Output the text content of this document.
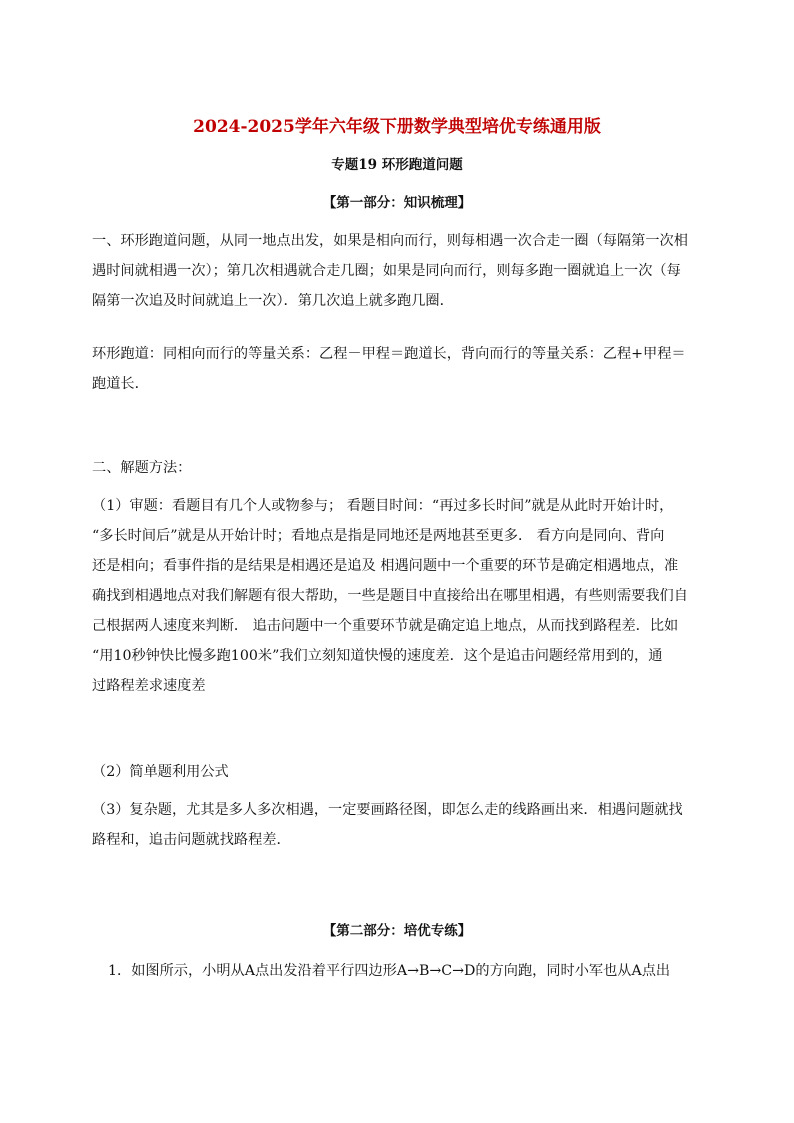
2024-2025学年六年级下册数学典型培优专练通用版
专题19 环形跑道问题
【第一部分：知识梳理】
一、环形跑道问题，从同一地点出发，如果是相向而行，则每相遇一次合走一圈（每隔第一次相
遇时间就相遇一次）；第几次相遇就合走几圈；如果是同向而行，则每多跑一圈就追上一次（每
隔第一次追及时间就追上一次）．第几次追上就多跑几圈．
环形跑道：同相向而行的等量关系：乙程－甲程＝跑道长，背向而行的等量关系：乙程+甲程＝
跑道长．
二、解题方法：
（1）审题：看题目有几个人或物参与； 看题目时间：“再过多长时间”就是从此时开始计时，
“多长时间后”就是从开始计时；看地点是指是同地还是两地甚至更多． 看方向是同向、背向
还是相向；看事件指的是结果是相遇还是追及 相遇问题中一个重要的环节是确定相遇地点，准
确找到相遇地点对我们解题有很大帮助，一些是题目中直接给出在哪里相遇，有些则需要我们自
己根据两人速度来判断． 追击问题中一个重要环节就是确定追上地点，从而找到路程差．比如
“用10秒钟快比慢多跑100米”我们立刻知道快慢的速度差．这个是追击问题经常用到的，通
过路程差求速度差
（2）简单题利用公式
（3）复杂题，尤其是多人多次相遇，一定要画路径图，即怎么走的线路画出来．相遇问题就找
路程和，追击问题就找路程差．
【第二部分：培优专练】
1．如图所示，小明从A点出发沿着平行四边形A→B→C→D的方向跑，同时小军也从A点出
